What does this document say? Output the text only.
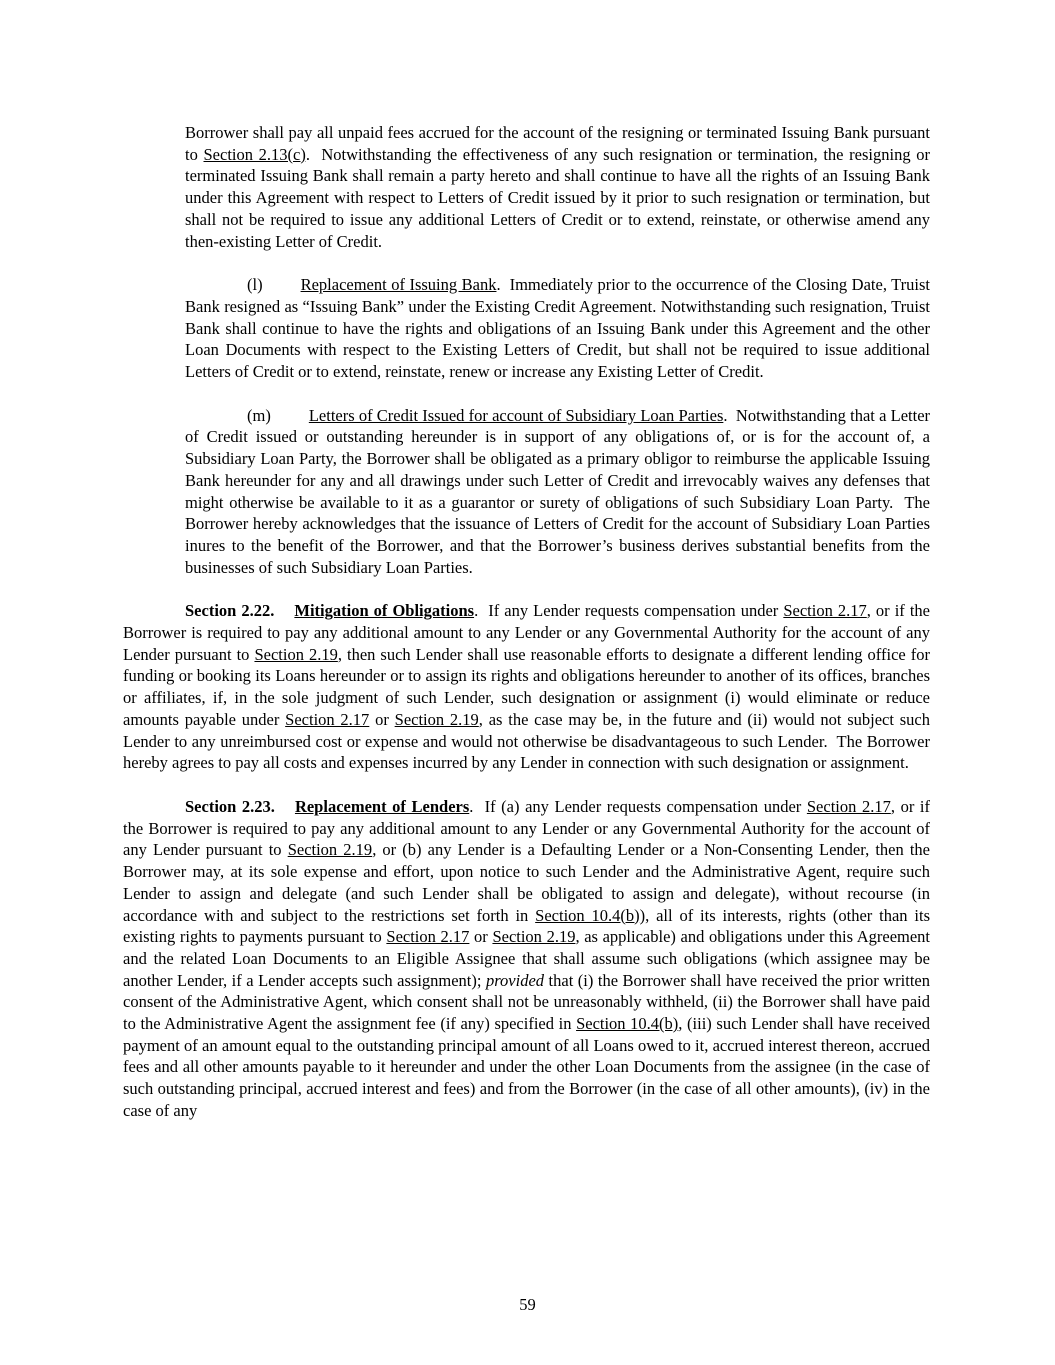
Borrower shall pay all unpaid fees accrued for the account of the resigning or terminated Issuing Bank pursuant to Section 2.13(c).  Notwithstanding the effectiveness of any such resignation or termination, the resigning or terminated Issuing Bank shall remain a party hereto and shall continue to have all the rights of an Issuing Bank under this Agreement with respect to Letters of Credit issued by it prior to such resignation or termination, but shall not be required to issue any additional Letters of Credit or to extend, reinstate, or otherwise amend any then-existing Letter of Credit.

(l) Replacement of Issuing Bank.  Immediately prior to the occurrence of the Closing Date, Truist Bank resigned as “Issuing Bank” under the Existing Credit Agreement. Notwithstanding such resignation, Truist Bank shall continue to have the rights and obligations of an Issuing Bank under this Agreement and the other Loan Documents with respect to the Existing Letters of Credit, but shall not be required to issue additional Letters of Credit or to extend, reinstate, renew or increase any Existing Letter of Credit.

(m) Letters of Credit Issued for account of Subsidiary Loan Parties.  Notwithstanding that a Letter of Credit issued or outstanding hereunder is in support of any obligations of, or is for the account of, a Subsidiary Loan Party, the Borrower shall be obligated as a primary obligor to reimburse the applicable Issuing Bank hereunder for any and all drawings under such Letter of Credit and irrevocably waives any defenses that might otherwise be available to it as a guarantor or surety of obligations of such Subsidiary Loan Party.  The Borrower hereby acknowledges that the issuance of Letters of Credit for the account of Subsidiary Loan Parties inures to the benefit of the Borrower, and that the Borrower’s business derives substantial benefits from the businesses of such Subsidiary Loan Parties.

Section 2.22. Mitigation of Obligations.  If any Lender requests compensation under Section 2.17, or if the Borrower is required to pay any additional amount to any Lender or any Governmental Authority for the account of any Lender pursuant to Section 2.19, then such Lender shall use reasonable efforts to designate a different lending office for funding or booking its Loans hereunder or to assign its rights and obligations hereunder to another of its offices, branches or affiliates, if, in the sole judgment of such Lender, such designation or assignment (i) would eliminate or reduce amounts payable under Section 2.17 or Section 2.19, as the case may be, in the future and (ii) would not subject such Lender to any unreimbursed cost or expense and would not otherwise be disadvantageous to such Lender.  The Borrower hereby agrees to pay all costs and expenses incurred by any Lender in connection with such designation or assignment.

Section 2.23. Replacement of Lenders.  If (a) any Lender requests compensation under Section 2.17, or if the Borrower is required to pay any additional amount to any Lender or any Governmental Authority for the account of any Lender pursuant to Section 2.19, or (b) any Lender is a Defaulting Lender or a Non-Consenting Lender, then the Borrower may, at its sole expense and effort, upon notice to such Lender and the Administrative Agent, require such Lender to assign and delegate (and such Lender shall be obligated to assign and delegate), without recourse (in accordance with and subject to the restrictions set forth in Section 10.4(b)), all of its interests, rights (other than its existing rights to payments pursuant to Section 2.17 or Section 2.19, as applicable) and obligations under this Agreement and the related Loan Documents to an Eligible Assignee that shall assume such obligations (which assignee may be another Lender, if a Lender accepts such assignment); provided that (i) the Borrower shall have received the prior written consent of the Administrative Agent, which consent shall not be unreasonably withheld, (ii) the Borrower shall have paid to the Administrative Agent the assignment fee (if any) specified in Section 10.4(b), (iii) such Lender shall have received payment of an amount equal to the outstanding principal amount of all Loans owed to it, accrued interest thereon, accrued fees and all other amounts payable to it hereunder and under the other Loan Documents from the assignee (in the case of such outstanding principal, accrued interest and fees) and from the Borrower (in the case of all other amounts), (iv) in the case of any

59
